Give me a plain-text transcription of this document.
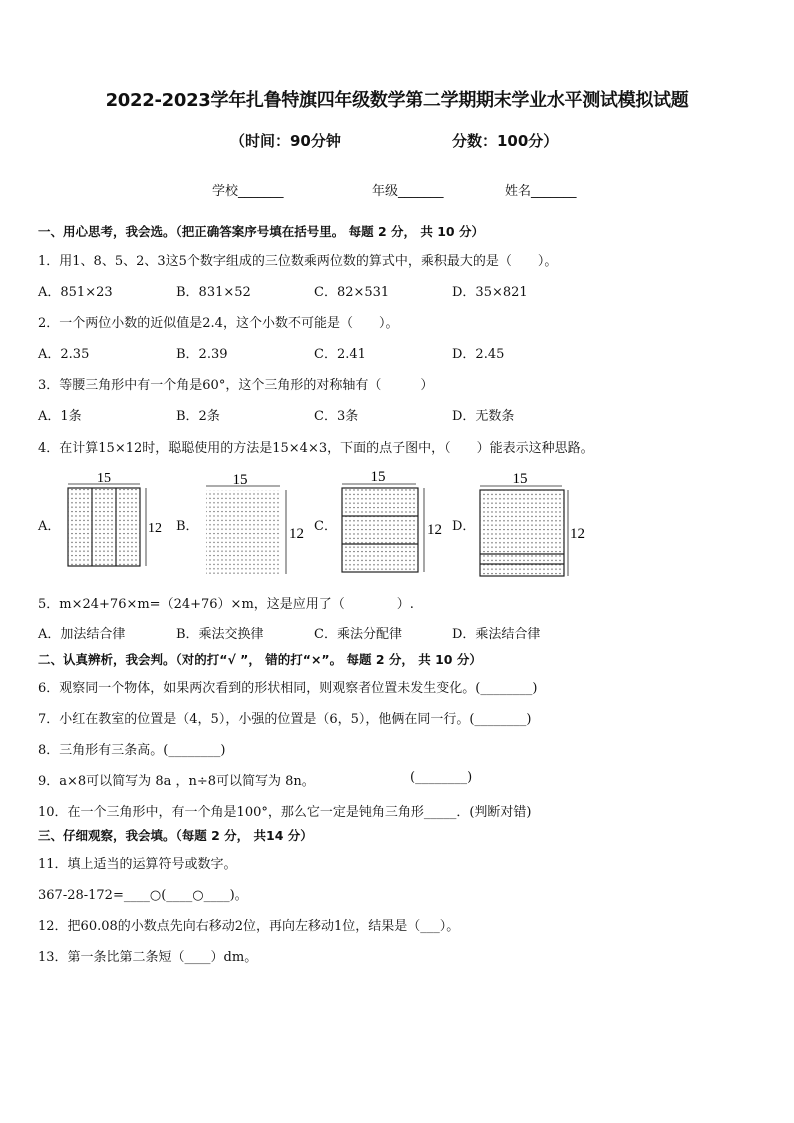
2022-2023学年扎鲁特旗四年级数学第二学期期末学业水平测试模拟试题
（时间：90分钟	分数：100分）
学校_______	年级_______	姓名_______
一、用心思考，我会选。（把正确答案序号填在括号里。 每题 2 分， 共 10 分）
1．用1、8、5、2、3这5个数字组成的三位数乘两位数的算式中，乘积最大的是（　　）。
A．851×23	B．831×52	C．82×531	D．35×821
2．一个两位小数的近似值是2.4，这个小数不可能是（　　）。
A．2.35	B．2.39	C．2.41	D．2.45
3．等腰三角形中有一个角是60°，这个三角形的对称轴有（　　　）
A．1条	B．2条	C．3条	D．无数条
4．在计算15×12时，聪聪使用的方法是15×4×3，下面的点子图中，（　　）能表示这种思路。
A．	B．	C．	D．
15
12
15
12
15
12
15
12
5．m×24+76×m=（24+76）×m，这是应用了（　　　　）.
A．加法结合律	B．乘法交换律	C．乘法分配律	D．乘法结合律
二、认真辨析，我会判。（对的打“√ ”， 错的打“×”。 每题 2 分， 共 10 分）
6．观察同一个物体，如果两次看到的形状相同，则观察者位置未发生变化。(________)
7．小红在教室的位置是（4，5），小强的位置是（6，5），他俩在同一行。(________)
8．三角形有三条高。(________)
9．a×8可以简写为 8a ，n÷8可以简写为 8n。	(________)
10．在一个三角形中，有一个角是100°，那么它一定是钝角三角形_____．(判断对错)
三、仔细观察，我会填。（每题 2 分， 共14 分）
11．填上适当的运算符号或数字。
367-28-172=____○(____○____)。
12．把60.08的小数点先向右移动2位，再向左移动1位，结果是（___）。
13．第一条比第二条短（____）dm。
